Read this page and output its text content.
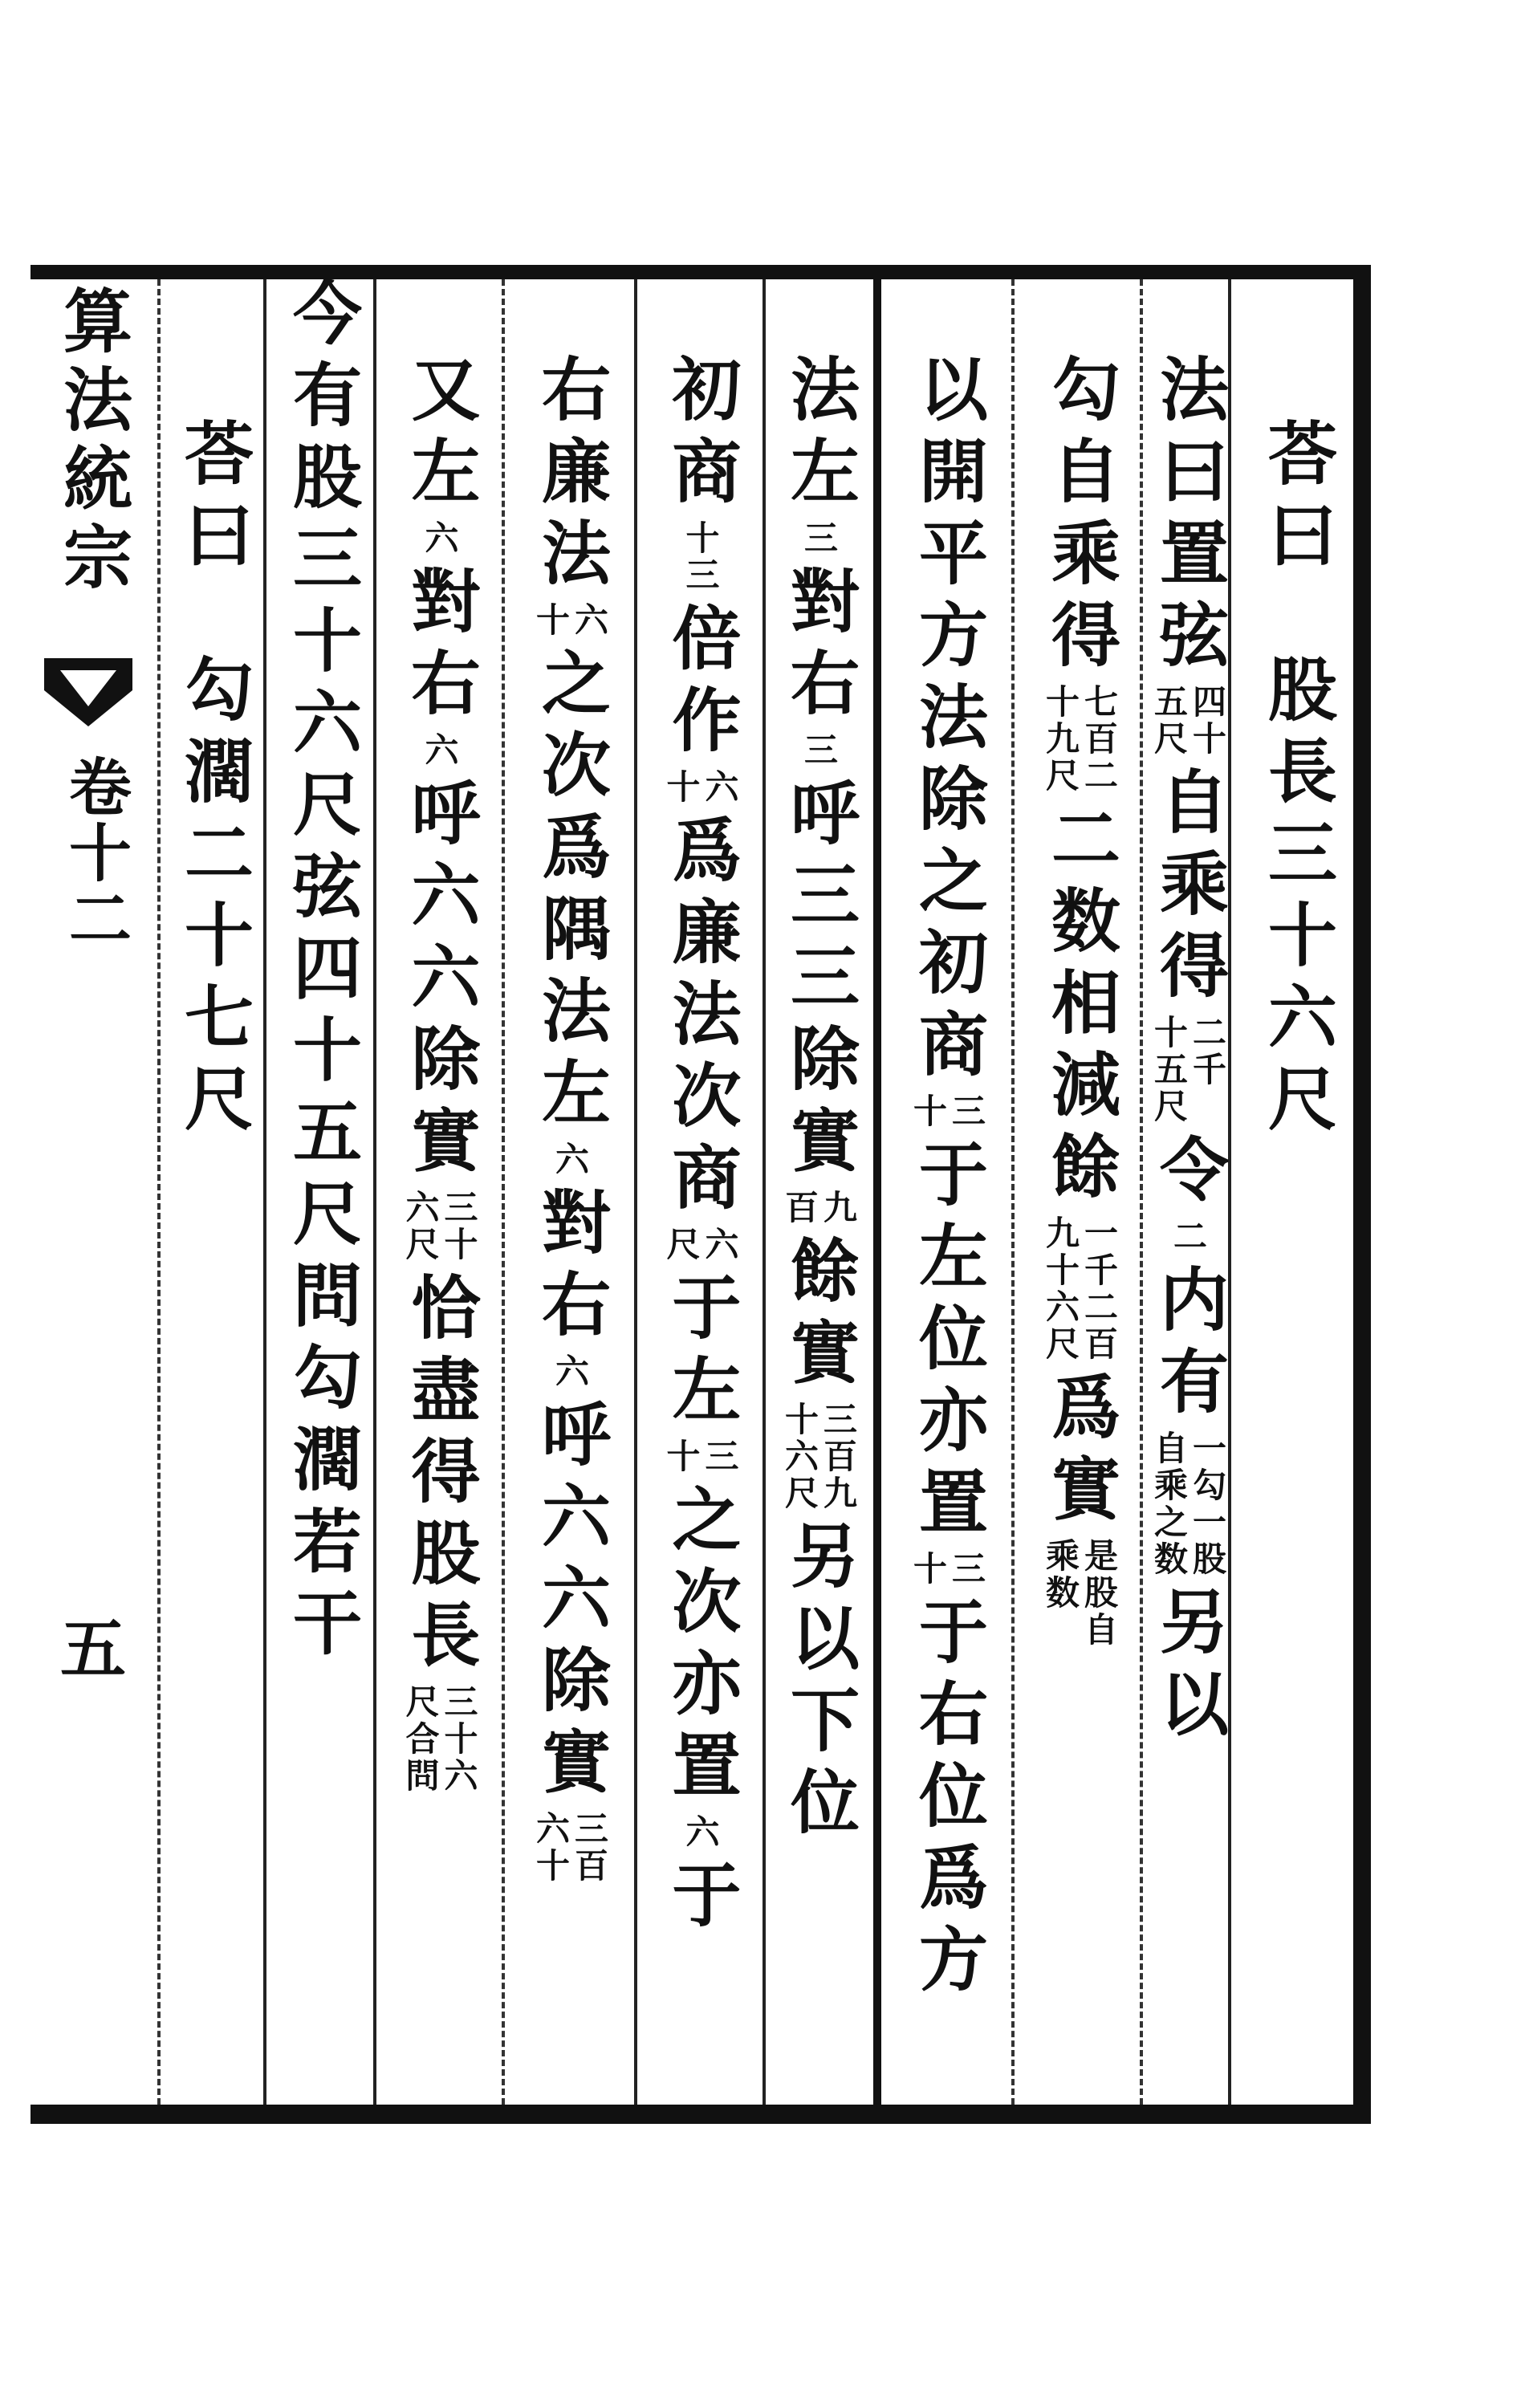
算法統宗
卷十二
五
荅曰
股長三十六尺
法曰置弦
四十
五尺
自乘得
二千
十五尺
令
二
内有
一勾一股
自乘之数
另以
勾自乘得
七百二
十九尺
二数相減餘
一千二百
九十六尺
爲實
是股自
乘数
以開平方法除之初商
三
十
于左位亦置
三
十
于右位爲方
法左
三
對右
三
呼三三除實
九
百
餘實
三百九
十六尺
另以下位
初商
十三
倍作
六
十
爲廉法次商
六
尺
于左
三
十
之次亦置
六
于
右廉法
六
十
之次爲隅法左
六
對右
六
呼六六除實
三百
六十
又左
六
對右
六
呼六六除實
三十
六尺
恰盡得股長
三十六
尺合問
今有股三十六尺弦四十五尺問勾濶若干
荅曰
勾濶二十七尺
